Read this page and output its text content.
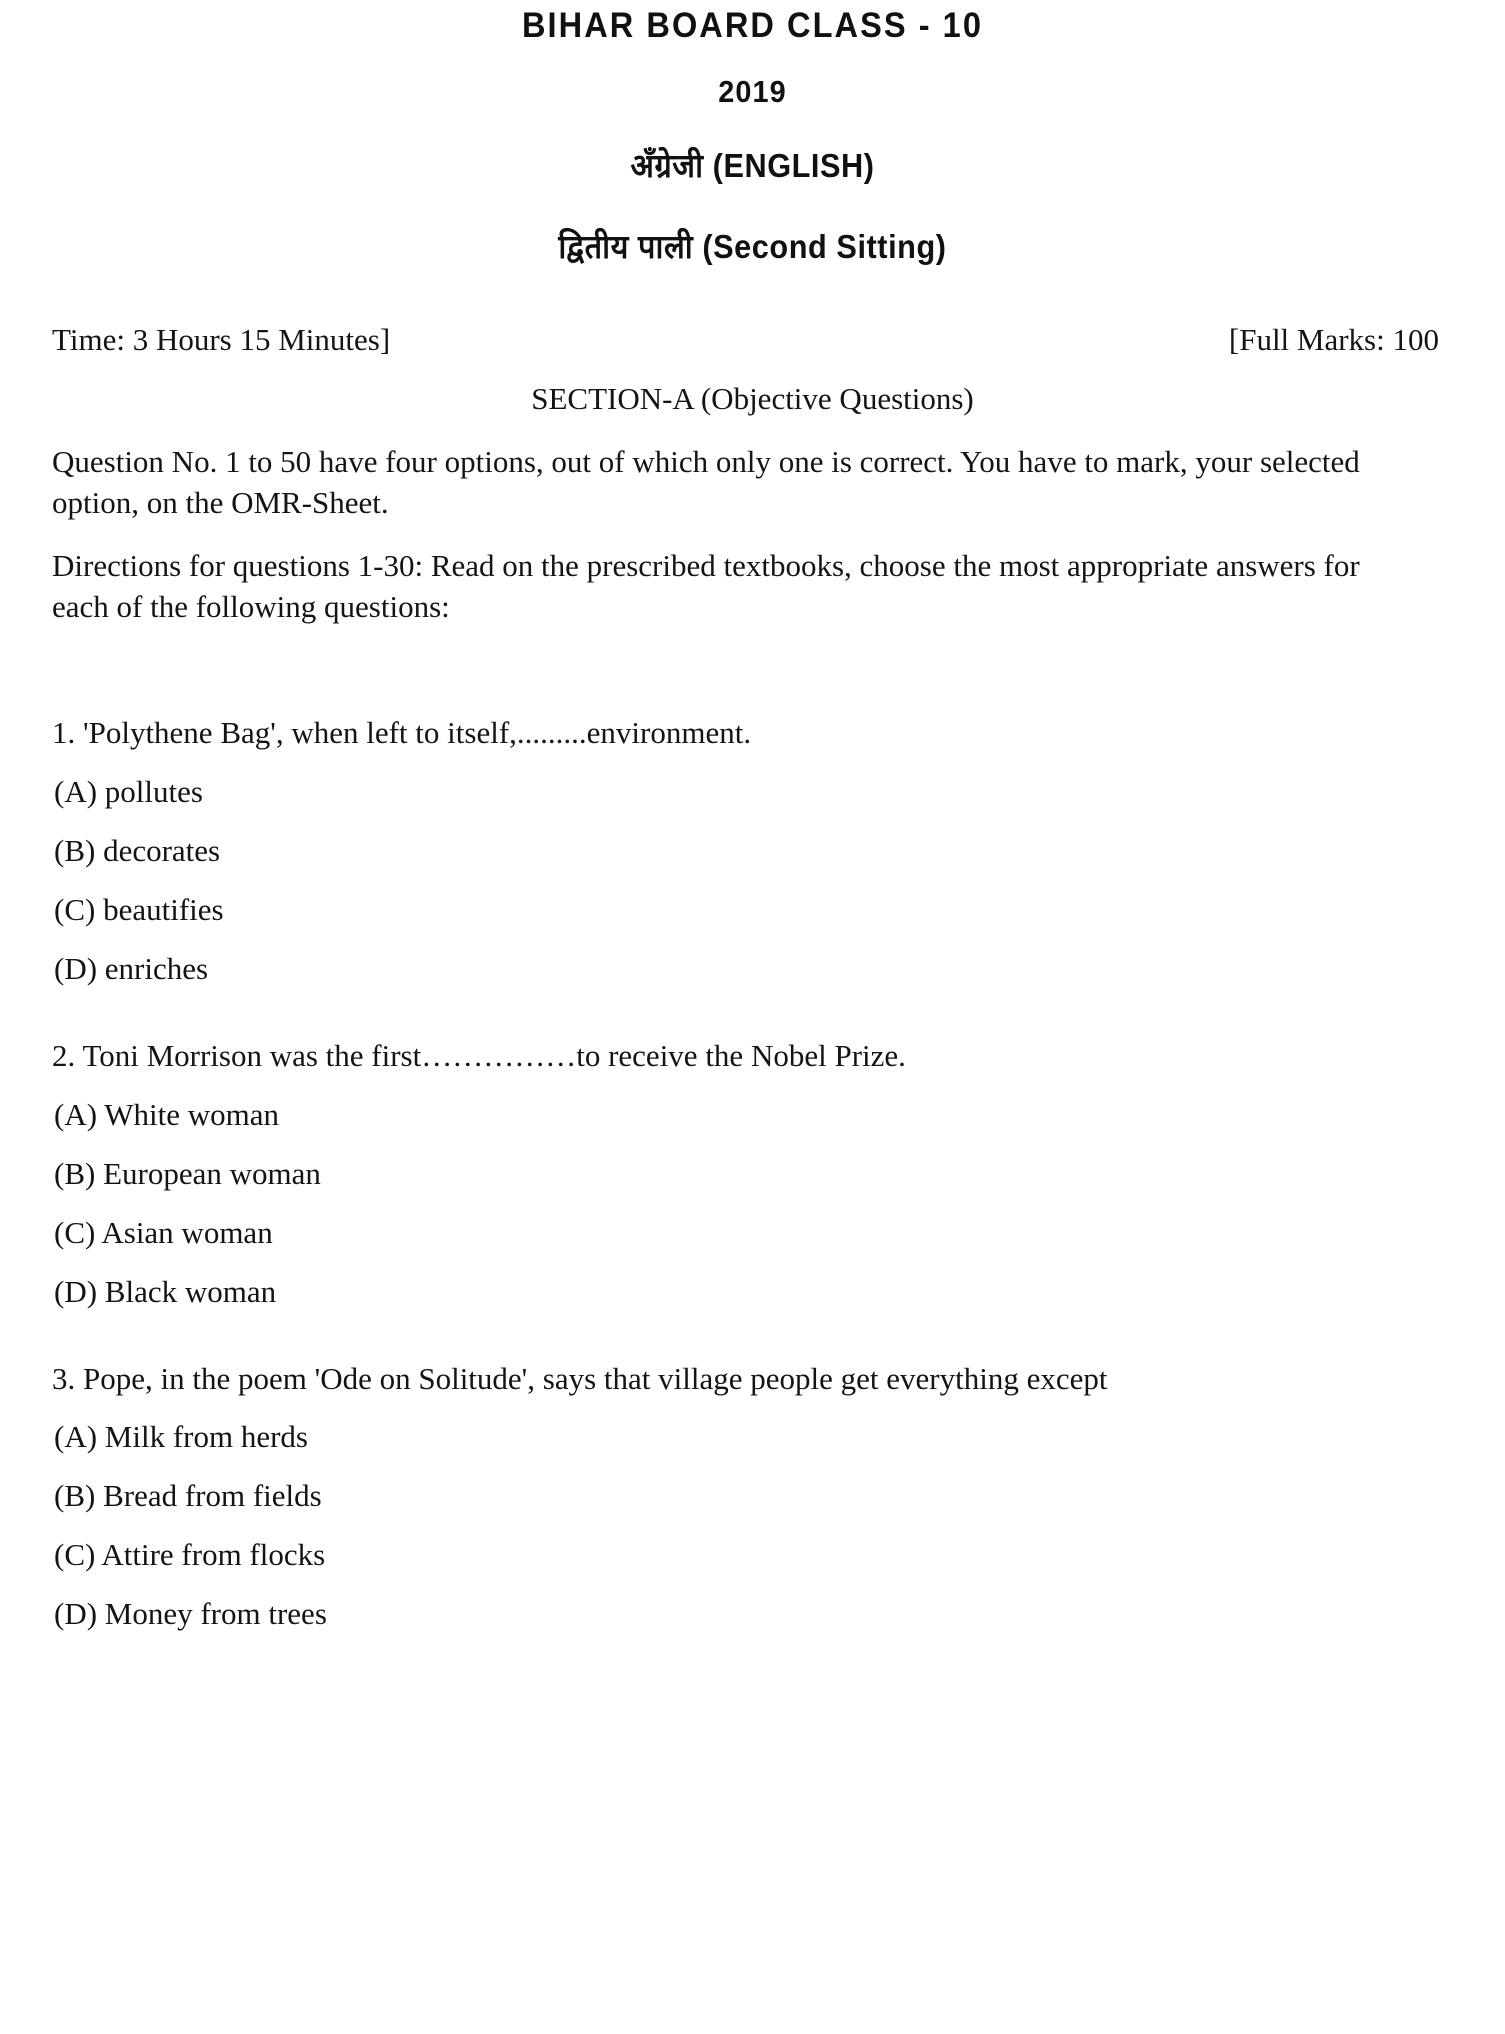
BIHAR BOARD CLASS - 10
2019
अँग्रेजी (ENGLISH)
द्वितीय पाली (Second Sitting)
Time: 3 Hours 15 Minutes]	[Full Marks: 100
SECTION-A (Objective Questions)
Question No. 1 to 50 have four options, out of which only one is correct. You have to mark, your selected option, on the OMR-Sheet.
Directions for questions 1-30: Read on the prescribed textbooks, choose the most appropriate answers for each of the following questions:
1. 'Polythene Bag', when left to itself,.........environment.
(A) pollutes
(B) decorates
(C) beautifies
(D) enriches
2. Toni Morrison was the first……………to receive the Nobel Prize.
(A) White woman
(B) European woman
(C) Asian woman
(D) Black woman
3. Pope, in the poem 'Ode on Solitude', says that village people get everything except
(A) Milk from herds
(B) Bread from fields
(C) Attire from flocks
(D) Money from trees
